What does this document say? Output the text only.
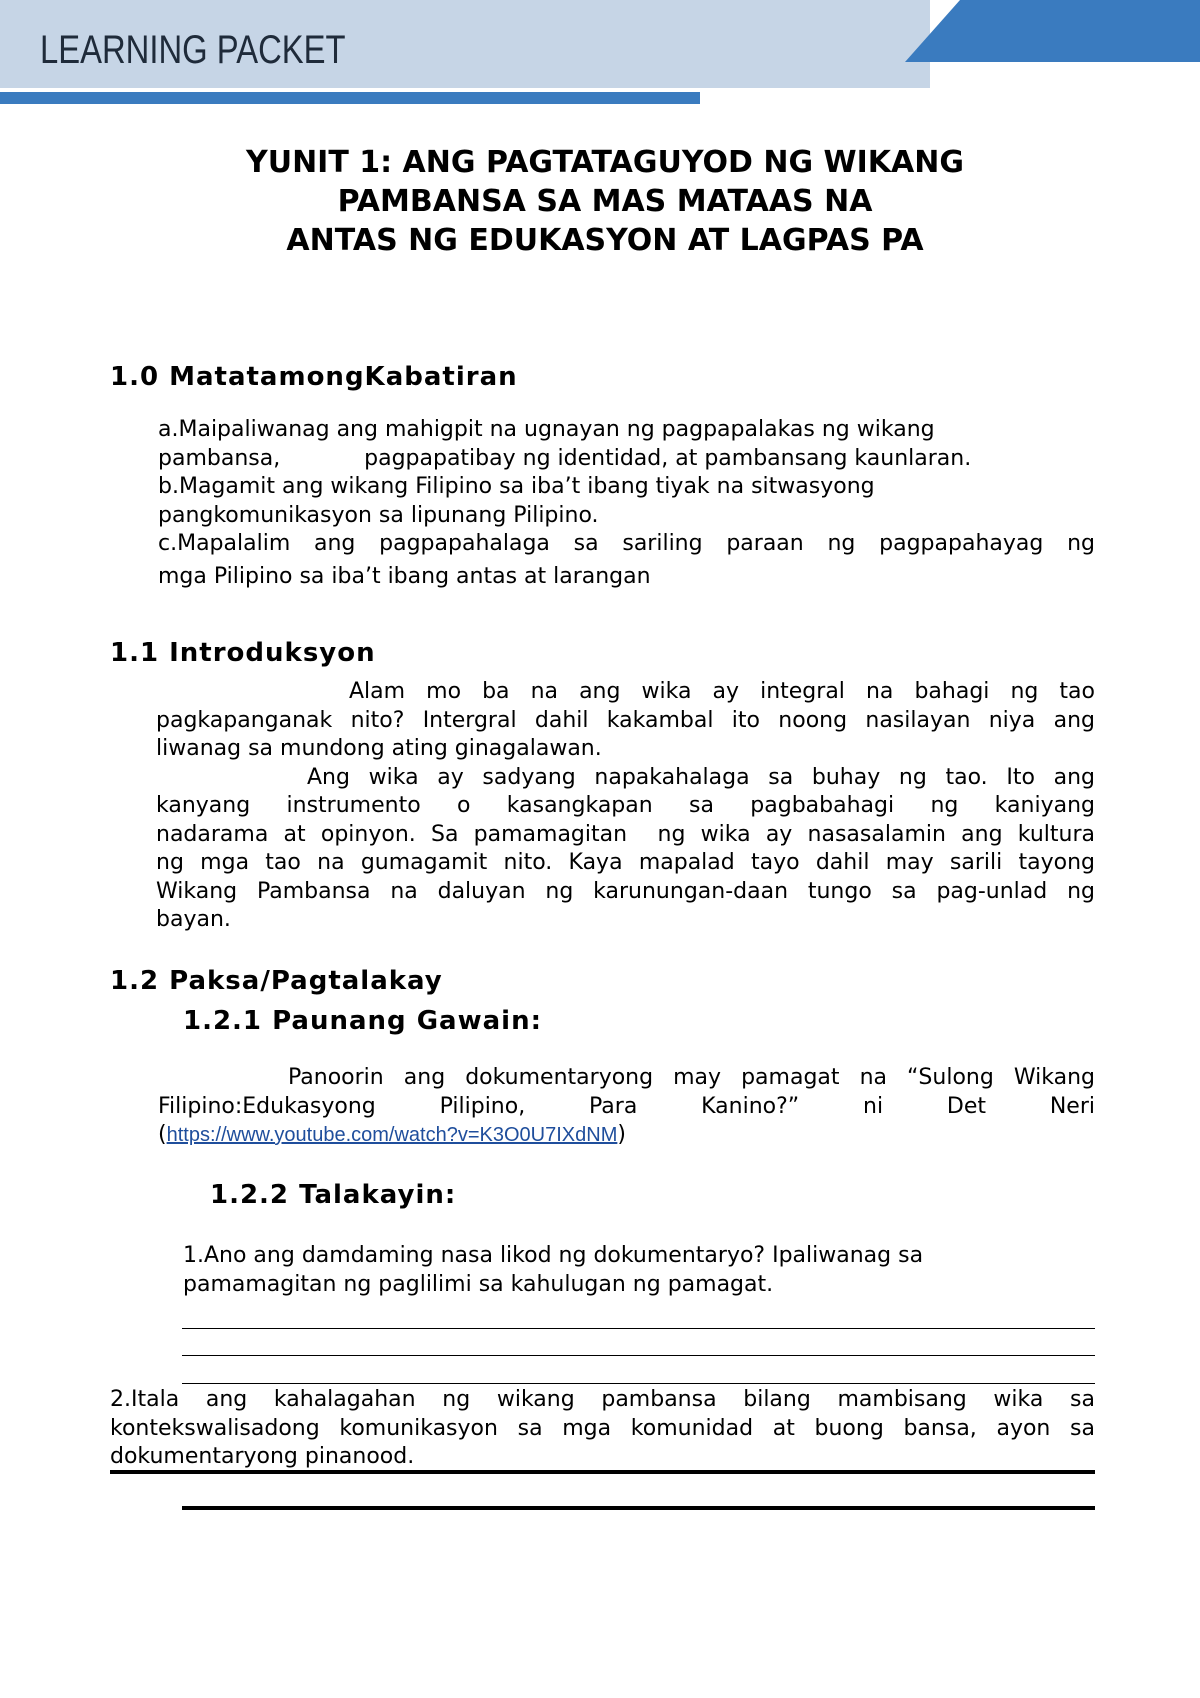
LEARNING PACKET
YUNIT 1: ANG PAGTATAGUYOD NG WIKANG
PAMBANSA SA MAS MATAAS NA
ANTAS NG EDUKASYON AT LAGPAS PA
1.0 MatatamongKabatiran
a.Maipaliwanag ang mahigpit na ugnayan ng pagpapalakas ng wikang
pambansa,            pagpapatibay ng identidad, at pambansang kaunlaran.
b.Magamit ang wikang Filipino sa iba’t ibang tiyak na sitwasyong
pangkomunikasyon sa lipunang Pilipino.
c.Mapalalim ang pagpapahalaga sa sariling paraan ng pagpapahayag ng
mga Pilipino sa iba’t ibang antas at larangan
1.1 Introduksyon
Alam mo ba na ang wika ay integral na bahagi ng tao
pagkapanganak nito? Intergral dahil kakambal ito noong nasilayan niya ang
liwanag sa mundong ating ginagalawan.
Ang wika ay sadyang napakahalaga sa buhay ng tao. Ito ang
kanyang instrumento o kasangkapan sa pagbabahagi ng kaniyang
nadarama at opinyon. Sa pamamagitan  ng wika ay nasasalamin ang kultura
ng mga tao na gumagamit nito. Kaya mapalad tayo dahil may sarili tayong
Wikang Pambansa na daluyan ng karunungan-daan tungo sa pag-unlad ng
bayan.
1.2 Paksa/Pagtalakay
1.2.1 Paunang Gawain:
Panoorin ang dokumentaryong may pamagat na “Sulong Wikang
Filipino:Edukasyong Pilipino, Para Kanino?” ni Det Neri
(https://www.youtube.com/watch?v=K3O0U7IXdNM)
1.2.2 Talakayin:
1.Ano ang damdaming nasa likod ng dokumentaryo? Ipaliwanag sa
pamamagitan ng paglilimi sa kahulugan ng pamagat.
2.Itala ang kahalagahan ng wikang pambansa bilang mambisang wika sa
kontekswalisadong komunikasyon sa mga komunidad at buong bansa, ayon sa
dokumentaryong pinanood.
